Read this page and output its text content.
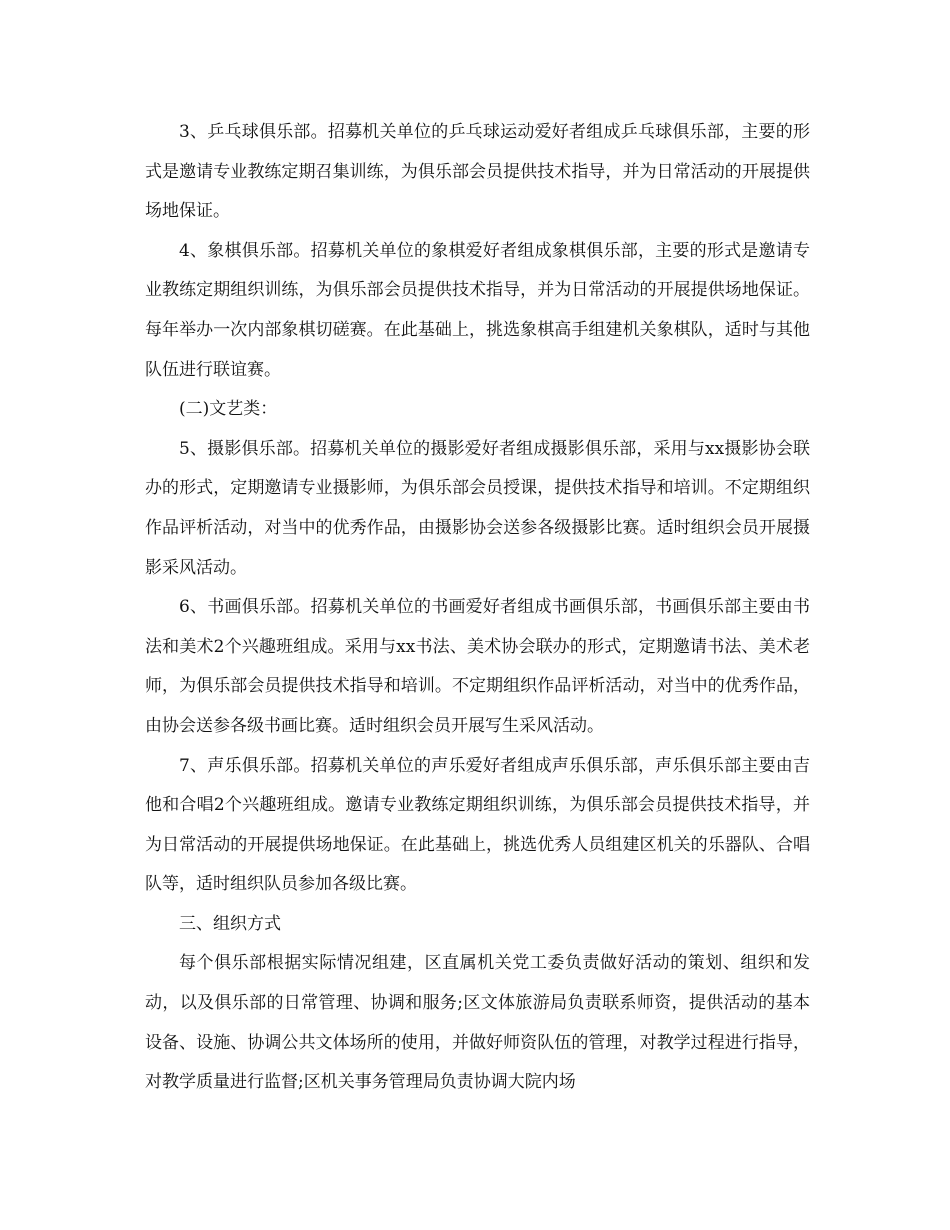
3、乒乓球俱乐部。招募机关单位的乒乓球运动爱好者组成乒乓球俱乐部，主要的形式是邀请专业教练定期召集训练，为俱乐部会员提供技术指导，并为日常活动的开展提供场地保证。

4、象棋俱乐部。招募机关单位的象棋爱好者组成象棋俱乐部，主要的形式是邀请专业教练定期组织训练，为俱乐部会员提供技术指导，并为日常活动的开展提供场地保证。每年举办一次内部象棋切磋赛。在此基础上，挑选象棋高手组建机关象棋队，适时与其他队伍进行联谊赛。

(二)文艺类：

5、摄影俱乐部。招募机关单位的摄影爱好者组成摄影俱乐部，采用与xx摄影协会联办的形式，定期邀请专业摄影师，为俱乐部会员授课，提供技术指导和培训。不定期组织作品评析活动，对当中的优秀作品，由摄影协会送参各级摄影比赛。适时组织会员开展摄影采风活动。

6、书画俱乐部。招募机关单位的书画爱好者组成书画俱乐部，书画俱乐部主要由书法和美术2个兴趣班组成。采用与xx书法、美术协会联办的形式，定期邀请书法、美术老师，为俱乐部会员提供技术指导和培训。不定期组织作品评析活动，对当中的优秀作品，由协会送参各级书画比赛。适时组织会员开展写生采风活动。

7、声乐俱乐部。招募机关单位的声乐爱好者组成声乐俱乐部，声乐俱乐部主要由吉他和合唱2个兴趣班组成。邀请专业教练定期组织训练，为俱乐部会员提供技术指导，并为日常活动的开展提供场地保证。在此基础上，挑选优秀人员组建区机关的乐器队、合唱队等，适时组织队员参加各级比赛。

三、组织方式

每个俱乐部根据实际情况组建，区直属机关党工委负责做好活动的策划、组织和发动，以及俱乐部的日常管理、协调和服务;区文体旅游局负责联系师资，提供活动的基本设备、设施、协调公共文体场所的使用，并做好师资队伍的管理，对教学过程进行指导，对教学质量进行监督;区机关事务管理局负责协调大院内场
